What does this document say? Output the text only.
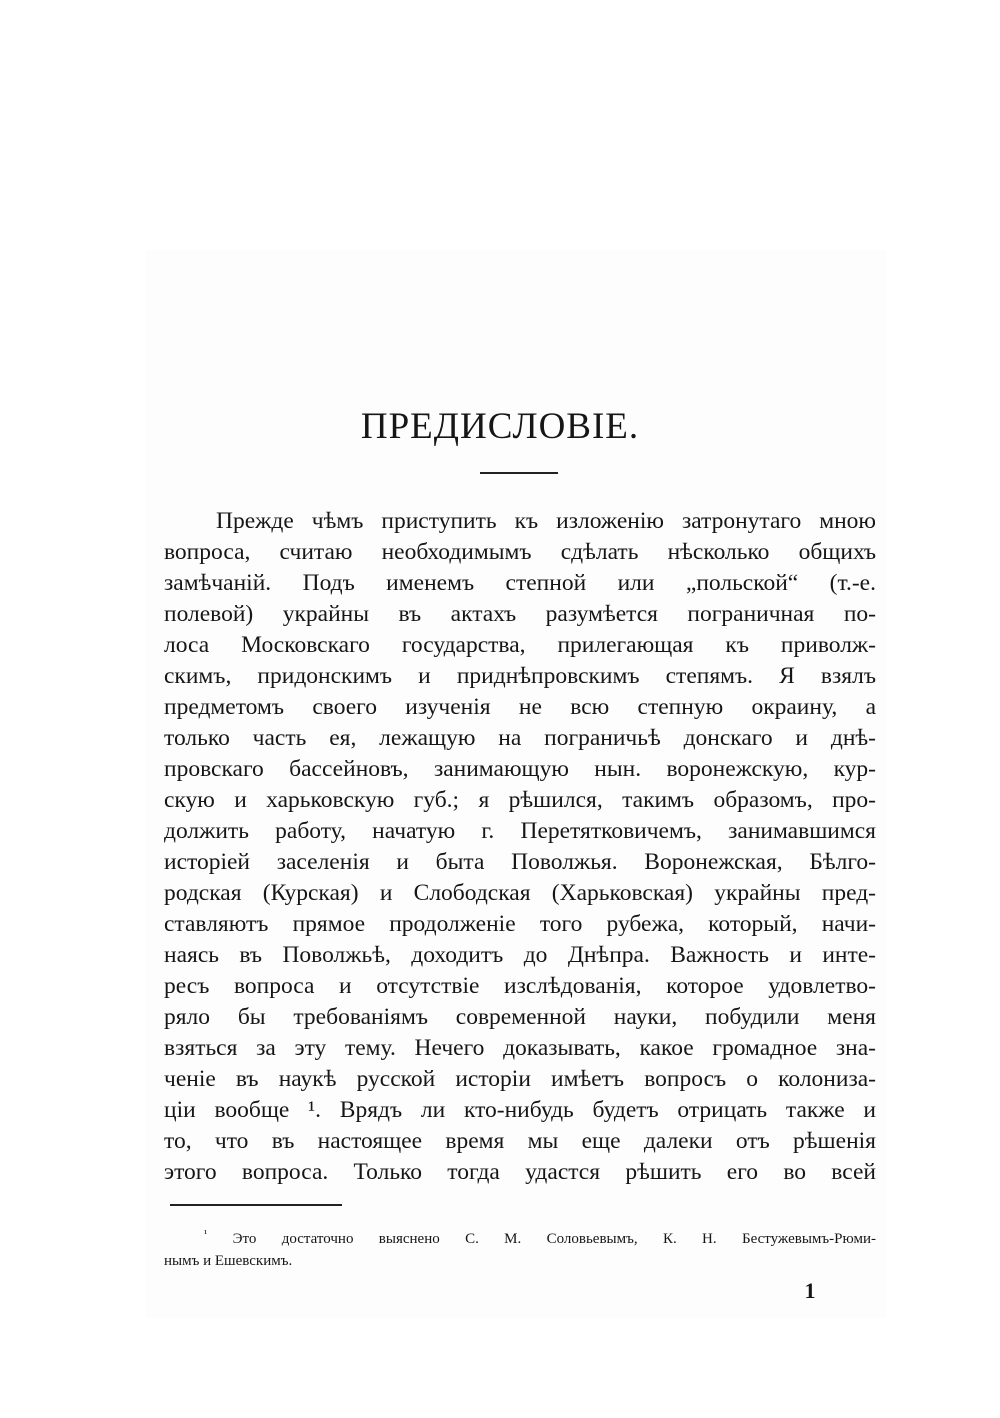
ПРЕДИСЛОВІЕ.
Прежде чѣмъ приступить къ изложенію затронутаго мною
вопроса, считаю необходимымъ сдѣлать нѣсколько общихъ
замѣчаній. Подъ именемъ степной или „польской“ (т.-е.
полевой) украйны въ актахъ разумѣется пограничная по-
лоса Московскаго государства, прилегающая къ приволж-
скимъ, придонскимъ и приднѣпровскимъ степямъ. Я взялъ
предметомъ своего изученія не всю степную окраину, а
только часть ея, лежащую на пограничьѣ донскаго и днѣ-
провскаго бассейновъ, занимающую нын. воронежскую, кур-
скую и харьковскую губ.; я рѣшился, такимъ образомъ, про-
должить работу, начатую г. Перетятковичемъ, занимавшимся
исторіей заселенія и быта Поволжья. Воронежская, Бѣлго-
родская (Курская) и Слободская (Харьковская) украйны пред-
ставляютъ прямое продолженіе того рубежа, который, начи-
наясь въ Поволжьѣ, доходитъ до Днѣпра. Важность и инте-
ресъ вопроса и отсутствіе изслѣдованія, которое удовлетво-
ряло бы требованіямъ современной науки, побудили меня
взяться за эту тему. Нечего доказывать, какое громадное зна-
ченіе въ наукѣ русской исторіи имѣетъ вопросъ о колониза-
ціи вообще ¹. Врядъ ли кто-нибудь будетъ отрицать также и
то, что въ настоящее время мы еще далеки отъ рѣшенія
этого вопроса. Только тогда удастся рѣшить его во всей
$^{^1}$ Это достаточно выяснено С. М. Соловьевымъ, К. Н. Бестужевымъ-Рюми-
нымъ и Ешевскимъ.
1
